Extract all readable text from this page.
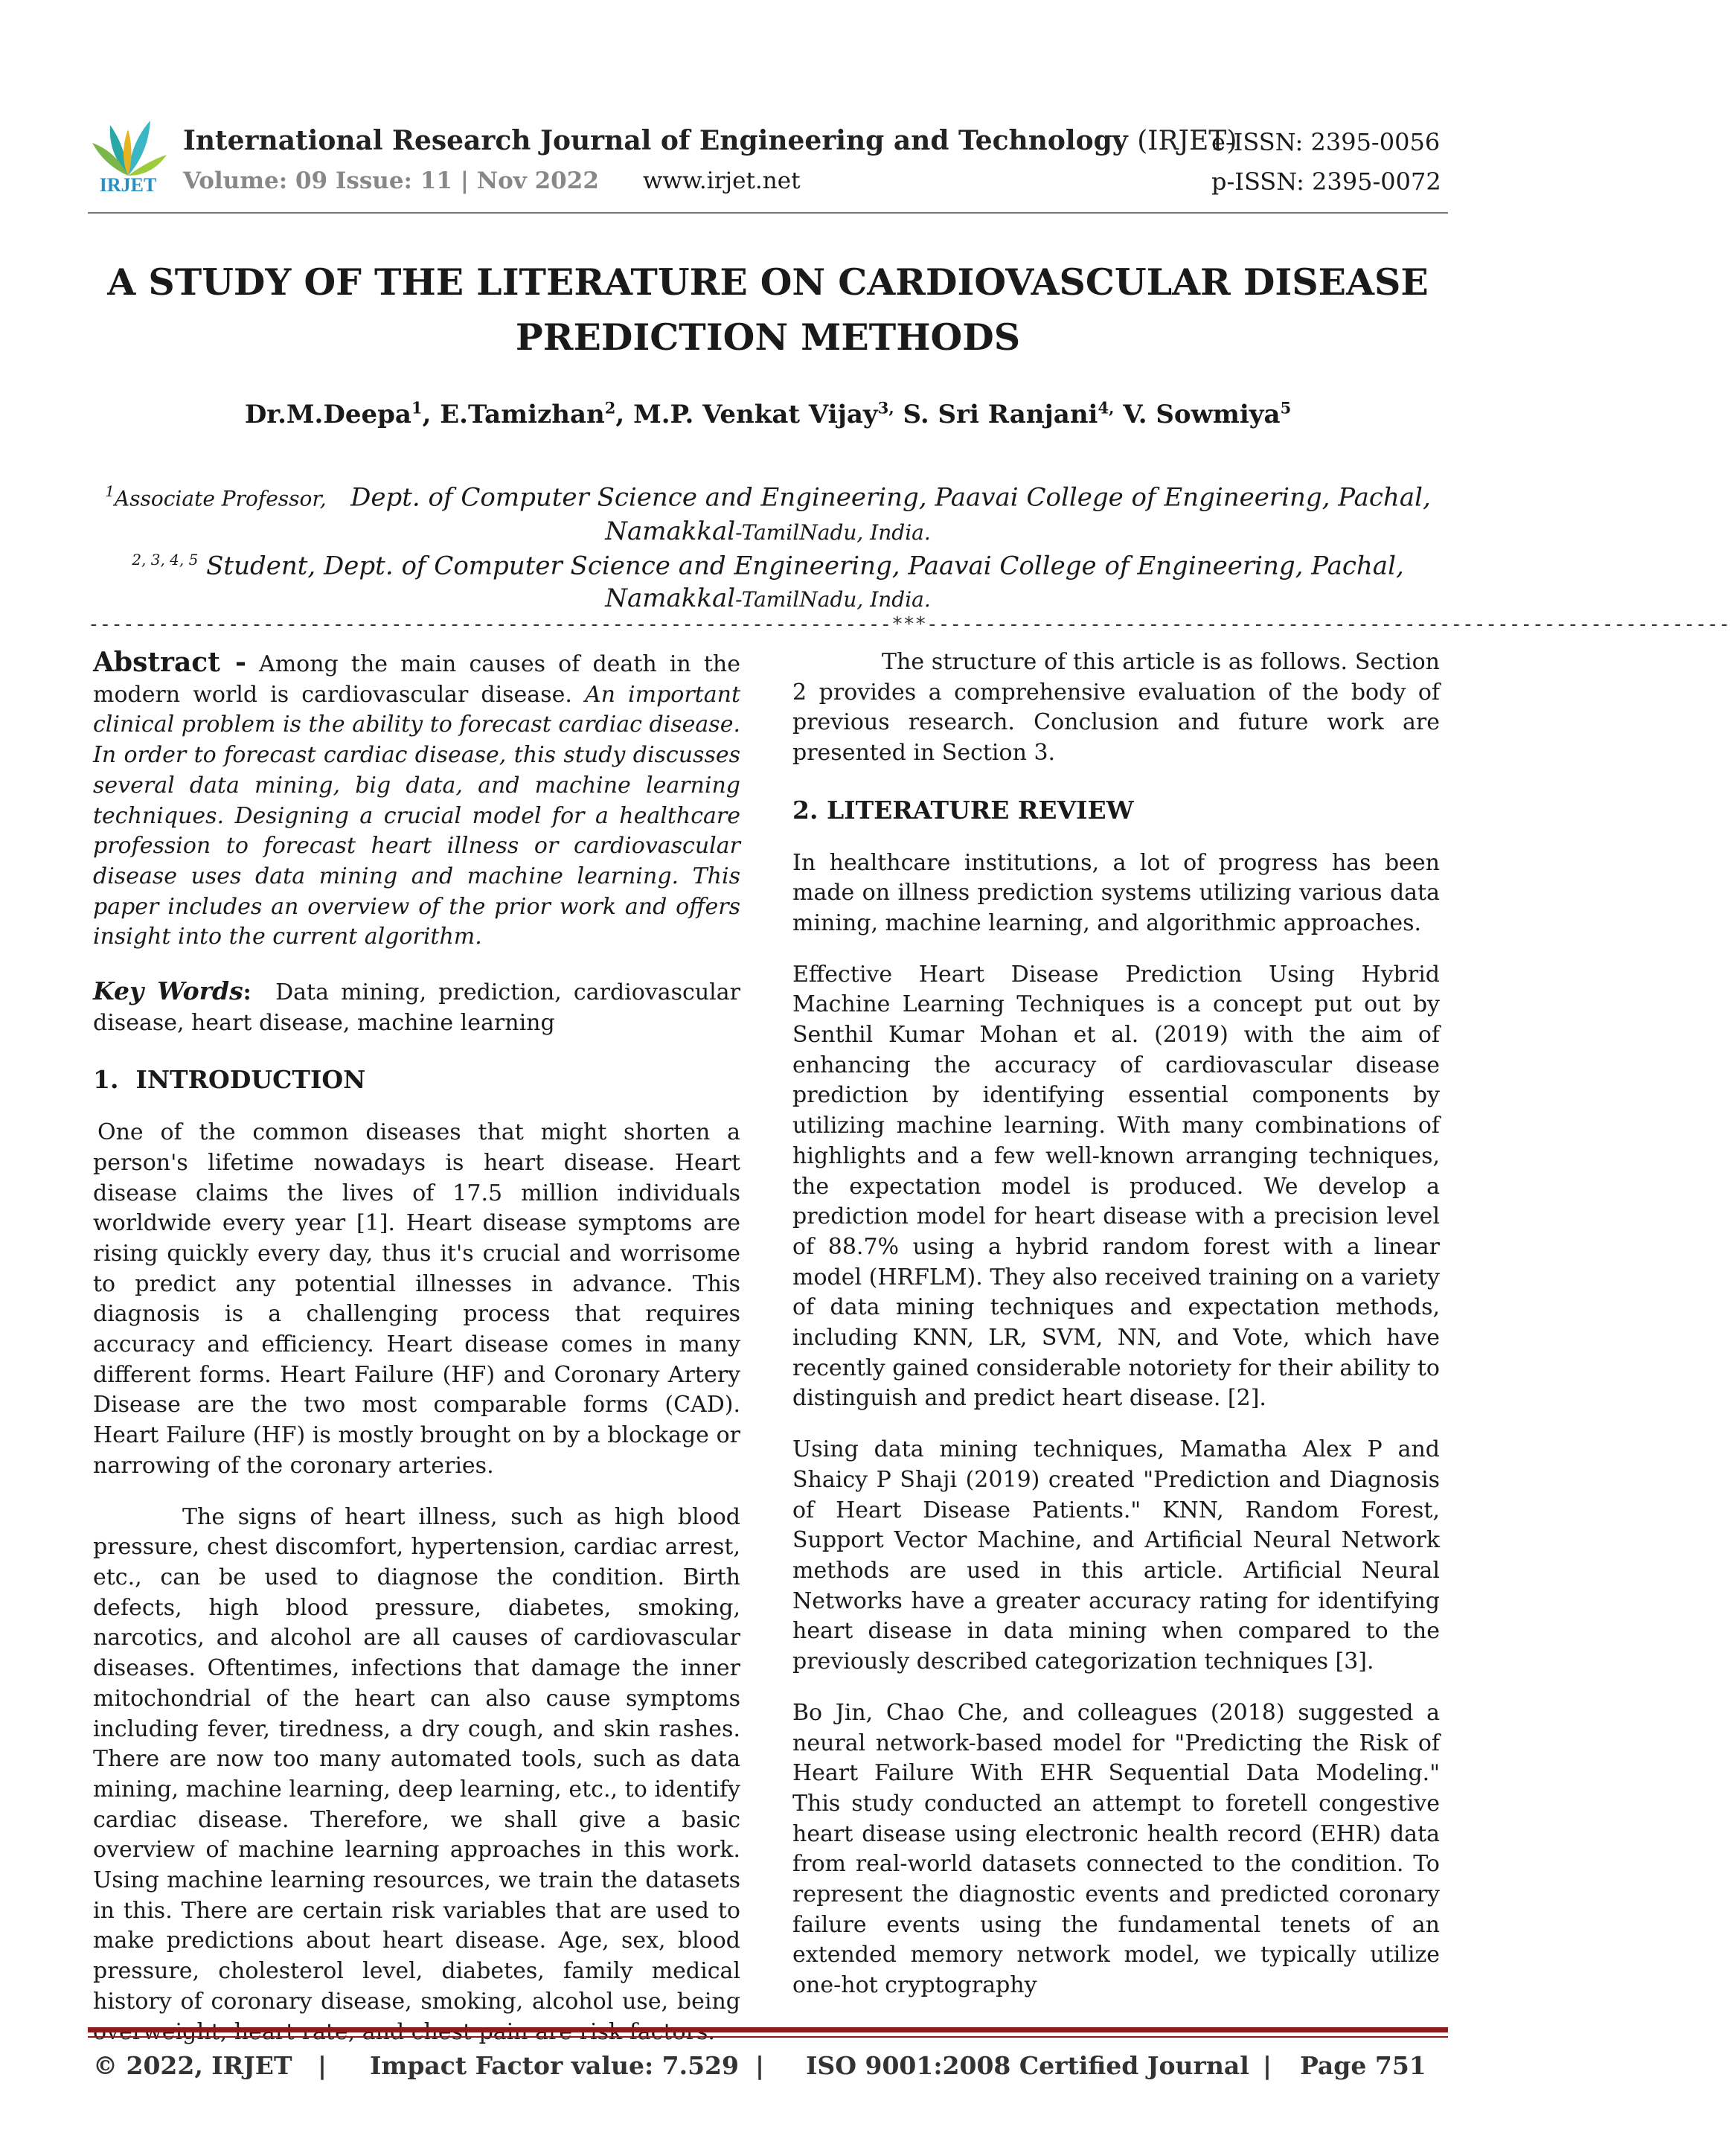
IRJET
International Research Journal of Engineering and Technology (IRJET)
e-ISSN: 2395-0056
Volume: 09 Issue: 11 | Nov 2022 www.irjet.net	p-ISSN: 2395-0072
A STUDY OF THE LITERATURE ON CARDIOVASCULAR DISEASE
PREDICTION METHODS
Dr.M.Deepa$^1$, E.Tamizhan$^2$, M.P. Venkat Vijay$^{3,}$ S. Sri Ranjani$^{4,}$ V. Sowmiya$^5$
$^1$Associate Professor, Dept. of Computer Science and Engineering, Paavai College of Engineering, Pachal,
Namakkal-TamilNadu, India.
$^{2, 3, 4, 5}$ Student, Dept. of Computer Science and Engineering, Paavai College of Engineering, Pachal,
Namakkal-TamilNadu, India.
---------------------------------------------------------------------***---------------------------------------------------------------------

Abstract - Among the main causes of death in the modern world is cardiovascular disease. An important clinical problem is the ability to forecast cardiac disease. In order to forecast cardiac disease, this study discusses several data mining, big data, and machine learning techniques. Designing a crucial model for a healthcare profession to forecast heart illness or cardiovascular disease uses data mining and machine learning. This paper includes an overview of the prior work and offers insight into the current algorithm.

Key Words:  Data mining, prediction, cardiovascular disease, heart disease, machine learning

1.  INTRODUCTION

One of the common diseases that might shorten a person's lifetime nowadays is heart disease. Heart disease claims the lives of 17.5 million individuals worldwide every year [1]. Heart disease symptoms are rising quickly every day, thus it's crucial and worrisome to predict any potential illnesses in advance. This diagnosis is a challenging process that requires accuracy and efficiency. Heart disease comes in many different forms. Heart Failure (HF) and Coronary Artery Disease are the two most comparable forms (CAD). Heart Failure (HF) is mostly brought on by a blockage or narrowing of the coronary arteries.

The signs of heart illness, such as high blood pressure, chest discomfort, hypertension, cardiac arrest, etc., can be used to diagnose the condition. Birth defects, high blood pressure, diabetes, smoking, narcotics, and alcohol are all causes of cardiovascular diseases. Oftentimes, infections that damage the inner mitochondrial of the heart can also cause symptoms including fever, tiredness, a dry cough, and skin rashes. There are now too many automated tools, such as data mining, machine learning, deep learning, etc., to identify cardiac disease. Therefore, we shall give a basic overview of machine learning approaches in this work. Using machine learning resources, we train the datasets in this. There are certain risk variables that are used to make predictions about heart disease. Age, sex, blood pressure, cholesterol level, diabetes, family medical history of coronary disease, smoking, alcohol use, being overweight, heart rate, and chest pain are risk factors.

The structure of this article is as follows. Section 2 provides a comprehensive evaluation of the body of previous research. Conclusion and future work are presented in Section 3.

2. LITERATURE REVIEW

In healthcare institutions, a lot of progress has been made on illness prediction systems utilizing various data mining, machine learning, and algorithmic approaches.

Effective Heart Disease Prediction Using Hybrid Machine Learning Techniques is a concept put out by Senthil Kumar Mohan et al. (2019) with the aim of enhancing the accuracy of cardiovascular disease prediction by identifying essential components by utilizing machine learning. With many combinations of highlights and a few well-known arranging techniques, the expectation model is produced. We develop a prediction model for heart disease with a precision level of 88.7% using a hybrid random forest with a linear model (HRFLM). They also received training on a variety of data mining techniques and expectation methods, including KNN, LR, SVM, NN, and Vote, which have recently gained considerable notoriety for their ability to distinguish and predict heart disease. [2].

Using data mining techniques, Mamatha Alex P and Shaicy P Shaji (2019) created "Prediction and Diagnosis of Heart Disease Patients." KNN, Random Forest, Support Vector Machine, and Artificial Neural Network methods are used in this article. Artificial Neural Networks have a greater accuracy rating for identifying heart disease in data mining when compared to the previously described categorization techniques [3].

Bo Jin, Chao Che, and colleagues (2018) suggested a neural network-based model for "Predicting the Risk of Heart Failure With EHR Sequential Data Modeling." This study conducted an attempt to foretell congestive heart disease using electronic health record (EHR) data from real-world datasets connected to the condition. To represent the diagnostic events and predicted coronary failure events using the fundamental tenets of an extended memory network model, we typically utilize one-hot cryptography

© 2022, IRJET | Impact Factor value: 7.529 | ISO 9001:2008 Certified Journal | Page 751
